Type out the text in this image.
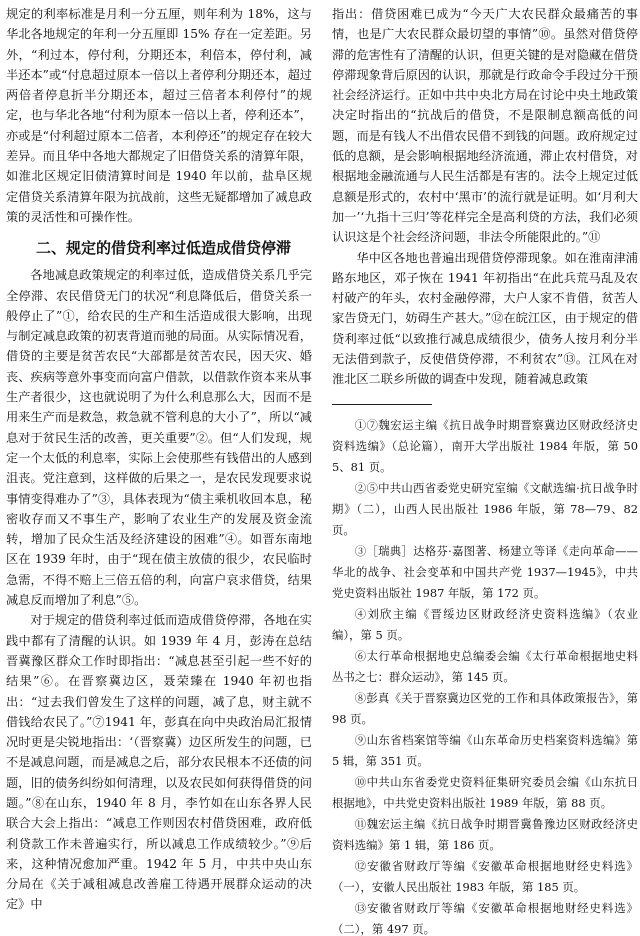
规定的利率标准是月利一分五厘，则年利为 18%，这与华北各地规定的年利一分五厘即 15% 存在一定差距。另外，“利过本，停付利，分期还本，利倍本，停付利，减半还本”或“付息超过原本一倍以上者停利分期还本，超过两倍者停息折半分期还本，超过三倍者本利停付”的规定，也与华北各地“付利为原本一倍以上者，停利还本”，亦或是“付利超过原本二倍者，本利停还”的规定存在较大差异。而且华中各地大都规定了旧借贷关系的清算年限，如淮北区规定旧债清算时间是 1940 年以前，盐阜区规定借贷关系清算年限为抗战前，这些无疑都增加了减息政策的灵活性和可操作性。

二、规定的借贷利率过低造成借贷停滞

各地减息政策规定的利率过低，造成借贷关系几乎完全停滞、农民借贷无门的状况“利息降低后，借贷关系一般停止了”①，给农民的生产和生活造成很大影响，出现与制定减息政策的初衷背道而驰的局面。从实际情况看，借贷的主要是贫苦农民“大部都是贫苦农民，因天灾、婚丧、疾病等意外事变而向富户借款，以借款作资本来从事生产者很少，这也就说明了为什么利息那么大，因而不是用来生产而是救急，救急就不管利息的大小了”，所以“减息对于贫民生活的改善，更关重要”②。但“人们发现，规定一个太低的利息率，实际上会使那些有钱借出的人感到沮丧。党注意到，这样做的后果之一，是农民发现要求说事情变得难办了”③，具体表现为“债主乘机收回本息，秘密收存而又不事生产，影响了农业生产的发展及资金流转，增加了民众生活及经济建设的困难”④。如晋东南地区在 1939 年时，由于“现在债主放债的很少，农民临时急需，不得不赔上三倍五倍的利，向富户哀求借贷，结果减息反而增加了利息”⑤。

对于规定的借贷利率过低而造成借贷停滞，各地在实践中都有了清醒的认识。如 1939 年 4 月，彭涛在总结晋冀豫区群众工作时即指出：“减息甚至引起一些不好的结果”⑥。在晋察冀边区，聂荣臻在 1940 年初也指出：“过去我们曾发生了这样的问题，减了息，财主就不借钱给农民了。”⑦1941 年，彭真在向中央政治局汇报情况时更是尖锐地指出：‘（晋察冀）边区所发生的问题，已不是减息问题，而是减息之后，部分农民根本不还债的问题，旧的债务纠纷如何清理，以及农民如何获得借贷的问题。”⑧在山东，1940 年 8 月，李竹如在山东各界人民联合大会上指出：“减息工作则因农村借贷困难，政府低利贷款工作未普遍实行，所以减息工作成绩较少。”⑨后来，这种情况愈加严重。1942 年 5 月，中共中央山东分局在《关于减租减息改善雇工待遇开展群众运动的决定》中

指出：借贷困难已成为“今天广大农民群众最痛苦的事情，也是广大农民群众最切望的事情”⑩。虽然对借贷停滞的危害性有了清醒的认识，但更关键的是对隐藏在借贷停滞现象背后原因的认识，那就是行政命令手段过分干预社会经济运行。正如中共中央北方局在讨论中央土地政策决定时指出的“抗战后的借贷，不是限制息额高低的问题，而是有钱人不出借农民借不到钱的问题。政府规定过低的息额，是会影响根据地经济流通，滞止农村借贷，对根据地金融流通与人民生活都是有害的。法令上规定过低息额是形式的，农村中‘黑市’的流行就是证明。如‘月利大加一’‘九指十三归’等花样完全是高利贷的方法，我们必须认识这是个社会经济问题，非法令所能限此的。”⑪

华中区各地也普遍出现借贷停滞现象。如在淮南津浦路东地区，邓子恢在 1941 年初指出“在此兵荒马乱及农村破产的年头，农村金融停滞，大户人家不肯借，贫苦人家告贷无门，妨碍生产甚大。”⑫在皖江区，由于规定的借贷利率过低“以致推行减息成绩很少，债务人按月利分半无法借到款子，反使借贷停滞，不利贫农”⑬。江风在对淮北区二联乡所做的调查中发现，随着减息政策

①⑦魏宏运主编《抗日战争时期晋察冀边区财政经济史资料选编》（总论篇），南开大学出版社 1984 年版，第 505、81 页。

②⑤中共山西省委党史研究室编《文献选编·抗日战争时期》（二），山西人民出版社 1986 年版，第 78—79、82 页。

③［瑞典］达格芬·嘉图著、杨建立等译《走向革命——华北的战争、社会变革和中国共产党 1937—1945》，中共党史资料出版社 1987 年版，第 172 页。

④刘欣主编《晋绥边区财政经济史资料选编》（农业编），第 5 页。

⑥太行革命根据地史总编委会编《太行革命根据地史料丛书之七：群众运动》，第 145 页。

⑧彭真《关于晋察冀边区党的工作和具体政策报告》，第 98 页。

⑨山东省档案馆等编《山东革命历史档案资料选编》第 5 辑，第 351 页。

⑩中共山东省委党史资料征集研究委员会编《山东抗日根据地》，中共党史资料出版社 1989 年版，第 88 页。

⑪魏宏运主编《抗日战争时期晋冀鲁豫边区财政经济史资料选编》第 1 辑，第 186 页。

⑫安徽省财政厅等编《安徽革命根据地财经史料选》（一），安徽人民出版社 1983 年版，第 185 页。

⑬安徽省财政厅等编《安徽革命根据地财经史料选》（二），第 497 页。
